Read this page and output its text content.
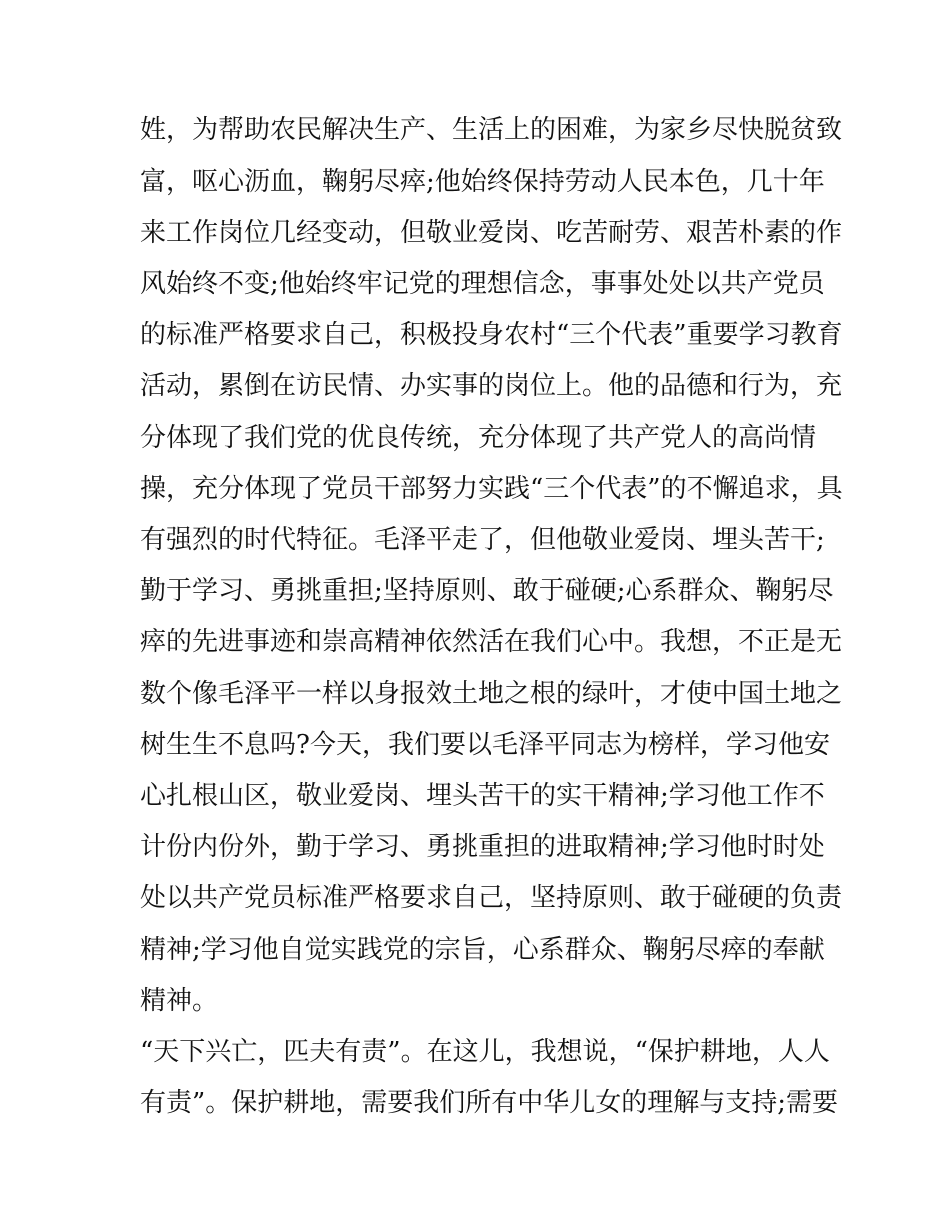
姓，为帮助农民解决生产、生活上的困难，为家乡尽快脱贫致
富，呕心沥血，鞠躬尽瘁;他始终保持劳动人民本色，几十年
来工作岗位几经变动，但敬业爱岗、吃苦耐劳、艰苦朴素的作
风始终不变;他始终牢记党的理想信念，事事处处以共产党员
的标准严格要求自己，积极投身农村“三个代表”重要学习教育
活动，累倒在访民情、办实事的岗位上。他的品德和行为，充
分体现了我们党的优良传统，充分体现了共产党人的高尚情
操，充分体现了党员干部努力实践“三个代表”的不懈追求，具
有强烈的时代特征。毛泽平走了，但他敬业爱岗、埋头苦干;
勤于学习、勇挑重担;坚持原则、敢于碰硬;心系群众、鞠躬尽
瘁的先进事迹和崇高精神依然活在我们心中。我想，不正是无
数个像毛泽平一样以身报效土地之根的绿叶，才使中国土地之
树生生不息吗?今天，我们要以毛泽平同志为榜样，学习他安
心扎根山区，敬业爱岗、埋头苦干的实干精神;学习他工作不
计份内份外，勤于学习、勇挑重担的进取精神;学习他时时处
处以共产党员标准严格要求自己，坚持原则、敢于碰硬的负责
精神;学习他自觉实践党的宗旨，心系群众、鞠躬尽瘁的奉献
精神。
“天下兴亡，匹夫有责”。在这儿，我想说，“保护耕地，人人
有责”。保护耕地，需要我们所有中华儿女的理解与支持;需要
